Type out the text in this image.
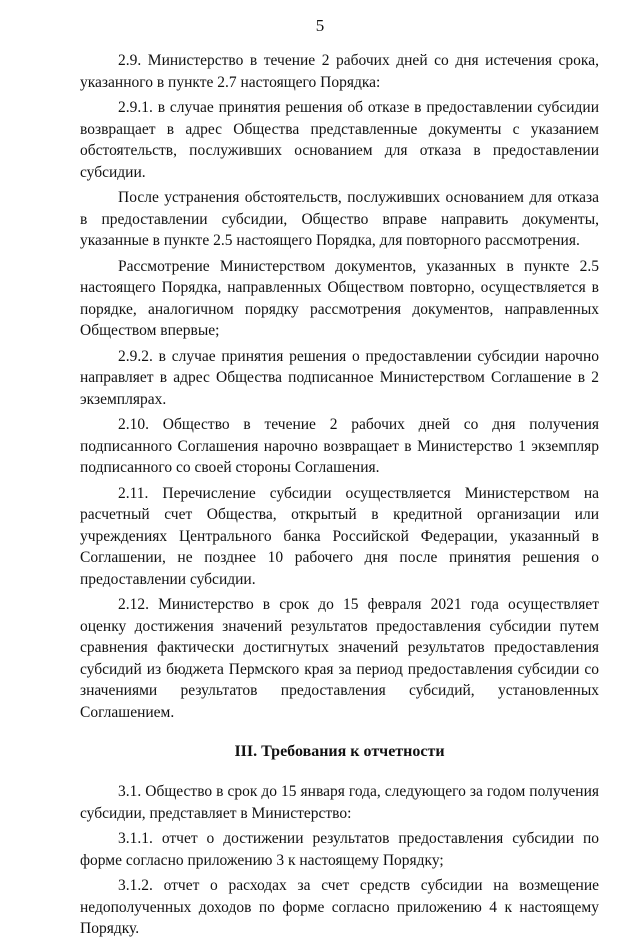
5

2.9. Министерство в течение 2 рабочих дней со дня истечения срока, указанного в пункте 2.7 настоящего Порядка:

2.9.1. в случае принятия решения об отказе в предоставлении субсидии возвращает в адрес Общества представленные документы с указанием обстоятельств, послуживших основанием для отказа в предоставлении субсидии.

После устранения обстоятельств, послуживших основанием для отказа в предоставлении субсидии, Общество вправе направить документы, указанные в пункте 2.5 настоящего Порядка, для повторного рассмотрения.

Рассмотрение Министерством документов, указанных в пункте 2.5 настоящего Порядка, направленных Обществом повторно, осуществляется в порядке, аналогичном порядку рассмотрения документов, направленных Обществом впервые;

2.9.2. в случае принятия решения о предоставлении субсидии нарочно направляет в адрес Общества подписанное Министерством Соглашение в 2 экземплярах.

2.10. Общество в течение 2 рабочих дней со дня получения подписанного Соглашения нарочно возвращает в Министерство 1 экземпляр подписанного со своей стороны Соглашения.

2.11. Перечисление субсидии осуществляется Министерством на расчетный счет Общества, открытый в кредитной организации или учреждениях Центрального банка Российской Федерации, указанный в Соглашении, не позднее 10 рабочего дня после принятия решения о предоставлении субсидии.

2.12. Министерство в срок до 15 февраля 2021 года осуществляет оценку достижения значений результатов предоставления субсидии путем сравнения фактически достигнутых значений результатов предоставления субсидий из бюджета Пермского края за период предоставления субсидии со значениями результатов предоставления субсидий, установленных Соглашением.

III. Требования к отчетности

3.1. Общество в срок до 15 января года, следующего за годом получения субсидии, представляет в Министерство:

3.1.1. отчет о достижении результатов предоставления субсидии по форме согласно приложению 3 к настоящему Порядку;

3.1.2. отчет о расходах за счет средств субсидии на возмещение недополученных доходов по форме согласно приложению 4 к настоящему Порядку.
